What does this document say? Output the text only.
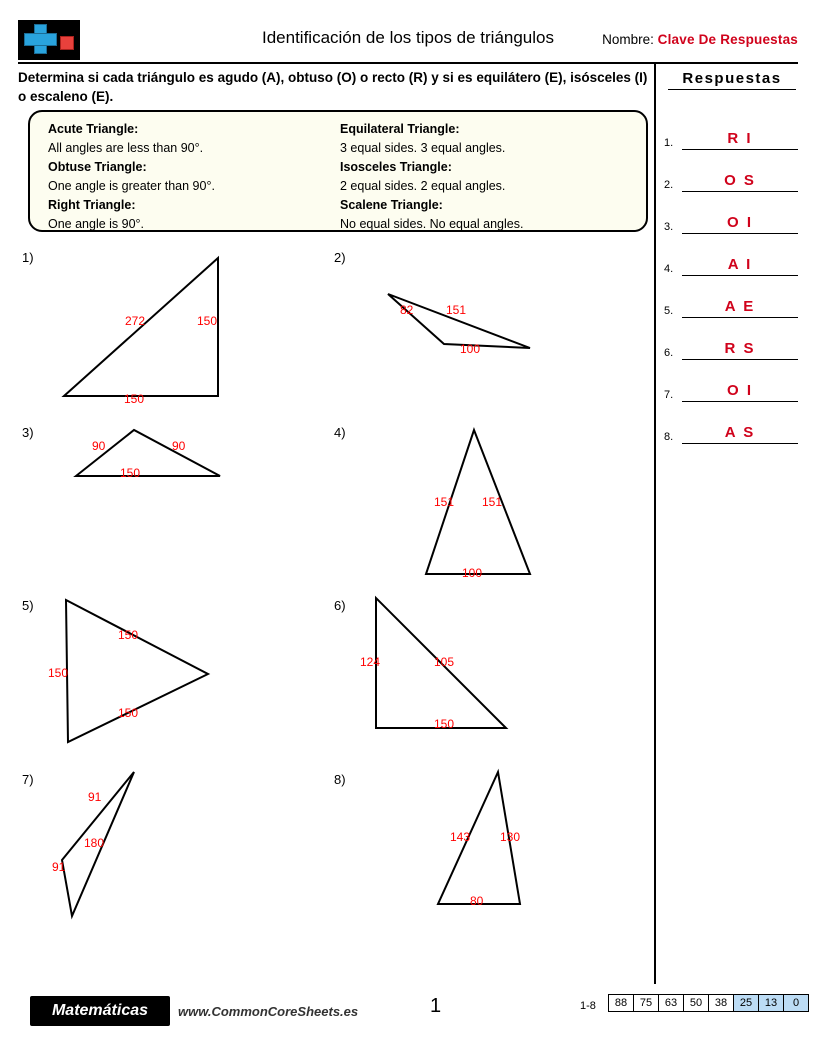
Identificación de los tipos de triángulos	Nombre: Clave De Respuestas
Determina si cada triángulo es agudo (A), obtuso (O) o recto (R) y si es equilátero (E), isósceles (I) o escaleno (E).
Acute Triangle:
All angles are less than 90°.
Obtuse Triangle:
One angle is greater than 90°.
Right Triangle:
One angle is 90°.
Equilateral Triangle:
3 equal sides. 3 equal angles.
Isosceles Triangle:
2 equal sides. 2 equal angles.
Scalene Triangle:
No equal sides. No equal angles.
Respuestas
1.	R I
2.	O S
3.	O I
4.	A I
5.	A E
6.	R S
7.	O I
8.	A S
1)
272	150
150
2)
82	151
100
3)
90	90
150
4)
151 151
100
5)
150
150
150
6)
124	105
150
7)
91
180
91
8)
143 130
80
Matemáticas	www.CommonCoreSheets.es	1	1-8 88	75	63	50	38	25	13	0
